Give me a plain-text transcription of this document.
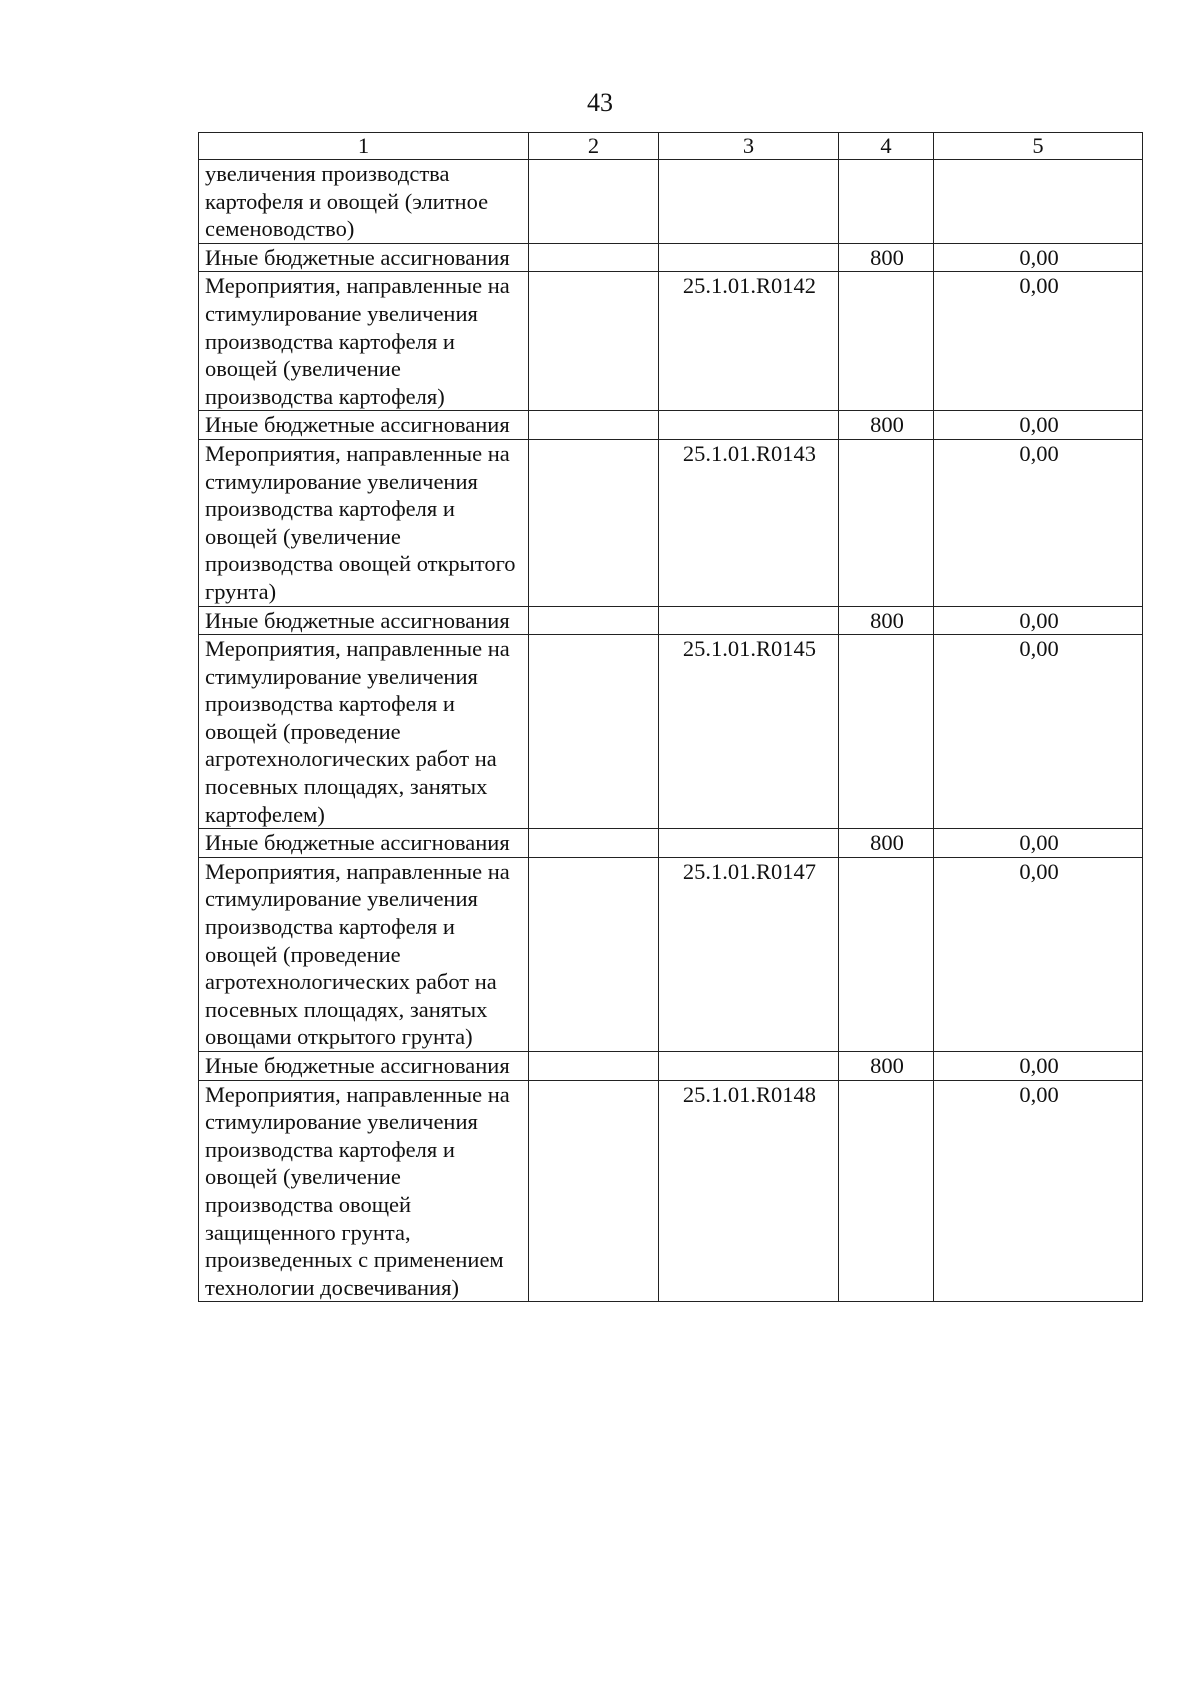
43
1	2	3	4	5
увеличения производства картофеля и овощей (элитное семеноводство)				
Иные бюджетные ассигнования			800	0,00
Мероприятия, направленные на стимулирование увеличения производства картофеля и овощей (увеличение производства картофеля)		25.1.01.R0142		0,00
Иные бюджетные ассигнования			800	0,00
Мероприятия, направленные на стимулирование увеличения производства картофеля и овощей (увеличение производства овощей открытого грунта)		25.1.01.R0143		0,00
Иные бюджетные ассигнования			800	0,00
Мероприятия, направленные на стимулирование увеличения производства картофеля и овощей (проведение агротехнологических работ на посевных площадях, занятых картофелем)		25.1.01.R0145		0,00
Иные бюджетные ассигнования			800	0,00
Мероприятия, направленные на стимулирование увеличения производства картофеля и овощей (проведение агротехнологических работ на посевных площадях, занятых овощами открытого грунта)		25.1.01.R0147		0,00
Иные бюджетные ассигнования			800	0,00
Мероприятия, направленные на стимулирование увеличения производства картофеля и овощей (увеличение производства овощей защищенного грунта, произведенных с применением технологии досвечивания)		25.1.01.R0148		0,00
